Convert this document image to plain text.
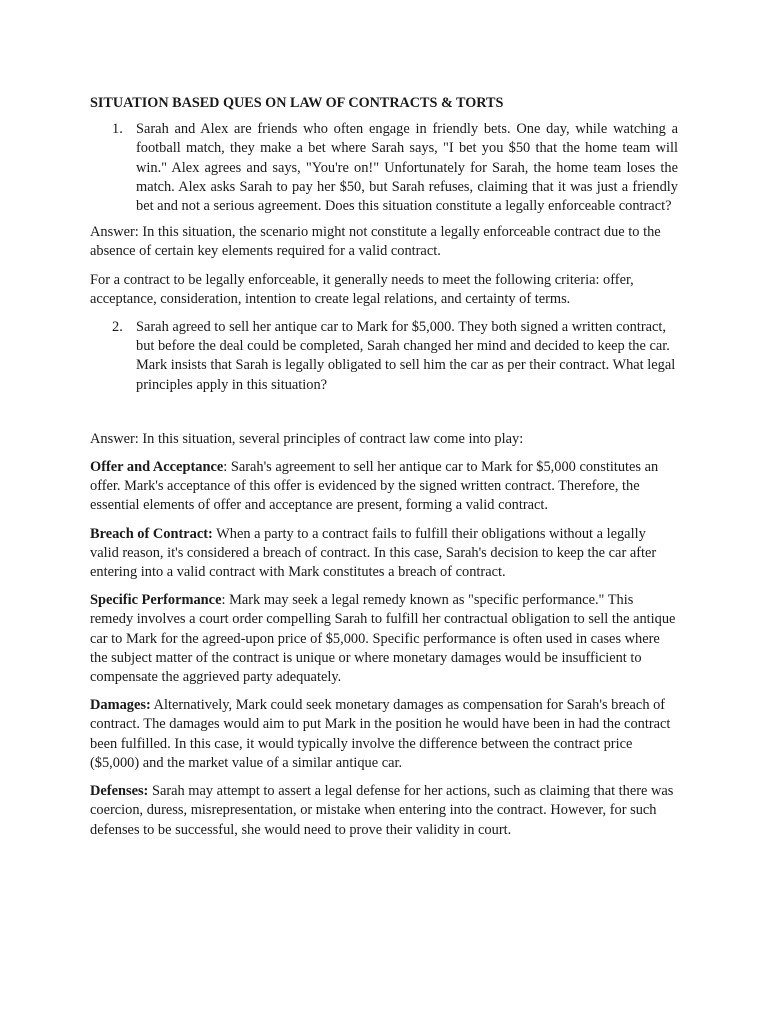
SITUATION BASED QUES ON LAW OF CONTRACTS & TORTS
1. Sarah and Alex are friends who often engage in friendly bets. One day, while watching a football match, they make a bet where Sarah says, "I bet you $50 that the home team will win." Alex agrees and says, "You're on!" Unfortunately for Sarah, the home team loses the match. Alex asks Sarah to pay her $50, but Sarah refuses, claiming that it was just a friendly bet and not a serious agreement. Does this situation constitute a legally enforceable contract?

Answer: In this situation, the scenario might not constitute a legally enforceable contract due to the absence of certain key elements required for a valid contract.

For a contract to be legally enforceable, it generally needs to meet the following criteria: offer, acceptance, consideration, intention to create legal relations, and certainty of terms.

2. Sarah agreed to sell her antique car to Mark for $5,000. They both signed a written contract, but before the deal could be completed, Sarah changed her mind and decided to keep the car. Mark insists that Sarah is legally obligated to sell him the car as per their contract. What legal principles apply in this situation?

Answer: In this situation, several principles of contract law come into play:

Offer and Acceptance: Sarah's agreement to sell her antique car to Mark for $5,000 constitutes an offer. Mark's acceptance of this offer is evidenced by the signed written contract. Therefore, the essential elements of offer and acceptance are present, forming a valid contract.

Breach of Contract: When a party to a contract fails to fulfill their obligations without a legally valid reason, it's considered a breach of contract. In this case, Sarah's decision to keep the car after entering into a valid contract with Mark constitutes a breach of contract.

Specific Performance: Mark may seek a legal remedy known as "specific performance." This remedy involves a court order compelling Sarah to fulfill her contractual obligation to sell the antique car to Mark for the agreed-upon price of $5,000. Specific performance is often used in cases where the subject matter of the contract is unique or where monetary damages would be insufficient to compensate the aggrieved party adequately.

Damages: Alternatively, Mark could seek monetary damages as compensation for Sarah's breach of contract. The damages would aim to put Mark in the position he would have been in had the contract been fulfilled. In this case, it would typically involve the difference between the contract price ($5,000) and the market value of a similar antique car.

Defenses: Sarah may attempt to assert a legal defense for her actions, such as claiming that there was coercion, duress, misrepresentation, or mistake when entering into the contract. However, for such defenses to be successful, she would need to prove their validity in court.
